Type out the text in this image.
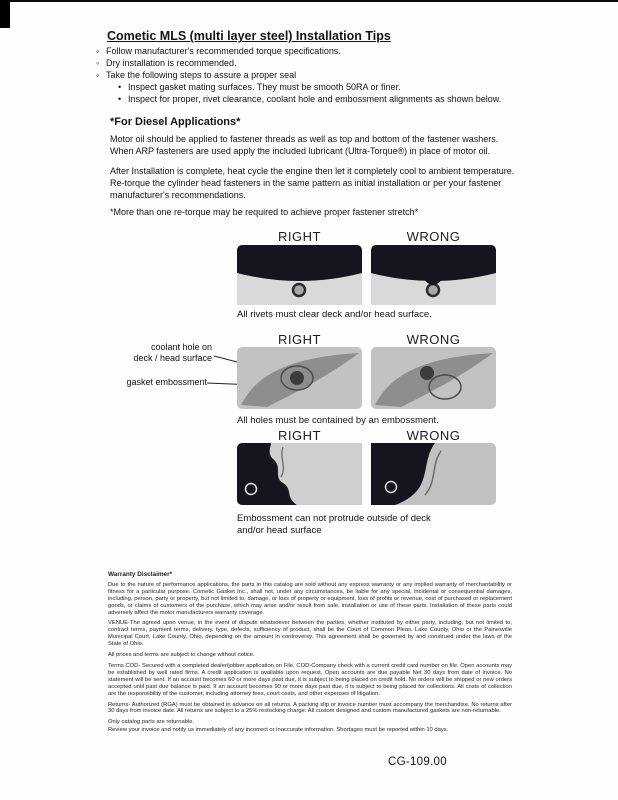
Cometic MLS (multi layer steel) Installation Tips
◦ Follow manufacturer's recommended torque specifications.
◦ Dry installation is recommended.
◦ Take the following steps to assure a proper seal
• Inspect gasket mating surfaces. They must be smooth 50RA or finer.
• Inspect for proper, rivet clearance, coolant hole and embossment alignments as shown below.
*For Diesel Applications*
Motor oil should be applied to fastener threads as well as top and bottom of the fastener washers. When ARP fasteners are used apply the included lubricant (Ultra-Torque®) in place of motor oil.
After Installation is complete, heat cycle the engine then let it completely cool to ambient temperature. Re-torque the cylinder head fasteners in the same pattern as initial installation or per your fastener manufacturer's recommendations.
*More than one re-torque may be required to achieve proper fastener stretch*
RIGHT	WRONG
All rivets must clear deck and/or head surface.
RIGHT	WRONG
coolant hole on
deck / head surface
gasket embossment
All holes must be contained by an embossment.
RIGHT	WRONG
Embossment can not protrude outside of deck
and/or head surface
Warranty Disclaimer*

Due to the nature of performance applications, the parts in this catalog are sold without any express warranty or any implied warranty of merchantability or fitness for a particular purpose. Cometic Gasket Inc., shall not, under any circumstances, be liable for any special, incidental or consequential damages, including, person, party or property, but not limited to, damage, or loss of property or equipment, loss of profits or revenue, cost of purchased or replacement goods, or claims of customers of the purchase, which may arise and/or result from sale, installation or use of these parts. Installation of these parts could adversely affect the motor manufacturers warranty coverage.

VENUE-The agreed upon venue, in the event of dispute whatsoever between the parties, whether instituted by either party, including, but not limited to, contract terms, payment terms, delivery, type, defects, sufficiency of product, shall be the Court of Common Pleas, Lake County, Ohio or the Painesville Municipal Court, Lake County, Ohio, depending on the amount in controversy. This agreement shall be governed by and construed under the laws of the State of Ohio.

All prices and terms are subject to change without notice.

Terms COD- Secured with a completed dealer/jobber application on File, COD-Company check with a current credit card number on file. Open accounts may be established by well rated firms. A credit application is available upon request. Open accounts are due payable Net 30 days from date of invoice. No statement will be sent. If an account becomes 60 or more days past due, it is subject to being placed on credit hold. No orders will be shipped or new orders accepted until past due balance is paid. If an account becomes 90 or more days past due, it is subject to being placed for collections. All costs of collection are the responsibility of the customer, including attorney fees, court costs, and other expenses of litigation.

Returns- Authorized (RGA) must be obtained in advance on all returns. A packing slip or invoice number must accompany the merchandise. No returns after 30 days from invoice date. All returns are subject to a 25% restocking charge. All custom designed and custom manufactured gaskets are non-returnable.

Only catalog parts are returnable.

Review your invoice and notify us immediately of any incorrect or inaccurate information. Shortages must be reported within 10 days.

CG-109.00
